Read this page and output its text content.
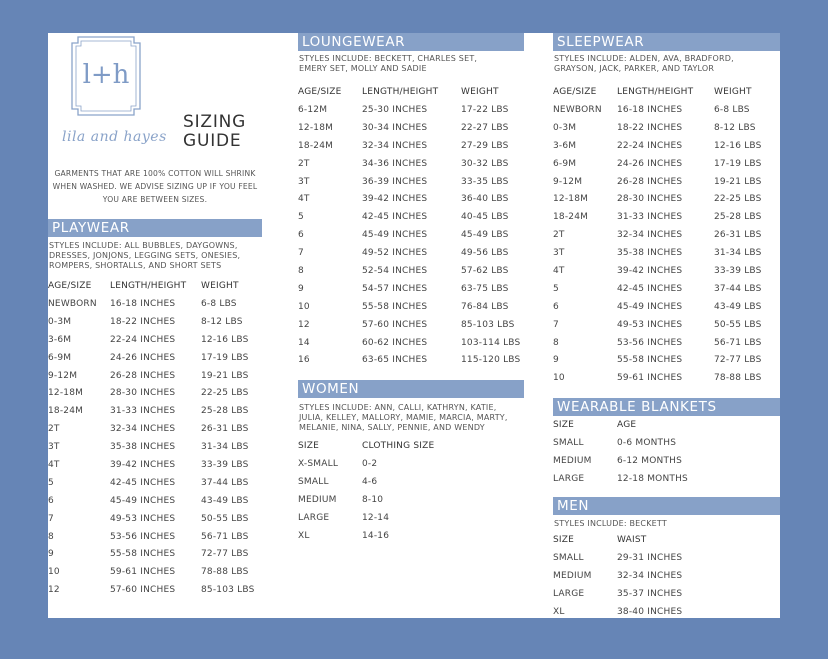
l+h
lila and hayes
SIZING
GUIDE
GARMENTS THAT ARE 100% COTTON WILL SHRINK WHEN WASHED. WE ADVISE SIZING UP IF YOU FEEL YOU ARE BETWEEN SIZES.
PLAYWEAR
STYLES INCLUDE: ALL BUBBLES, DAYGOWNS, DRESSES, JONJONS, LEGGING SETS, ONESIES, ROMPERS, SHORTALLS, AND SHORT SETS
AGE/SIZE	LENGTH/HEIGHT	WEIGHT
NEWBORN	16-18 INCHES	6-8 LBS
0-3M	18-22 INCHES	8-12 LBS
3-6M	22-24 INCHES	12-16 LBS
6-9M	24-26 INCHES	17-19 LBS
9-12M	26-28 INCHES	19-21 LBS
12-18M	28-30 INCHES	22-25 LBS
18-24M	31-33 INCHES	25-28 LBS
2T	32-34 INCHES	26-31 LBS
3T	35-38 INCHES	31-34 LBS
4T	39-42 INCHES	33-39 LBS
5	42-45 INCHES	37-44 LBS
6	45-49 INCHES	43-49 LBS
7	49-53 INCHES	50-55 LBS
8	53-56 INCHES	56-71 LBS
9	55-58 INCHES	72-77 LBS
10	59-61 INCHES	78-88 LBS
12	57-60 INCHES	85-103 LBS
LOUNGEWEAR
STYLES INCLUDE: BECKETT, CHARLES SET, EMERY SET, MOLLY AND SADIE
AGE/SIZE	LENGTH/HEIGHT	WEIGHT
6-12M	25-30 INCHES	17-22 LBS
12-18M	30-34 INCHES	22-27 LBS
18-24M	32-34 INCHES	27-29 LBS
2T	34-36 INCHES	30-32 LBS
3T	36-39 INCHES	33-35 LBS
4T	39-42 INCHES	36-40 LBS
5	42-45 INCHES	40-45 LBS
6	45-49 INCHES	45-49 LBS
7	49-52 INCHES	49-56 LBS
8	52-54 INCHES	57-62 LBS
9	54-57 INCHES	63-75 LBS
10	55-58 INCHES	76-84 LBS
12	57-60 INCHES	85-103 LBS
14	60-62 INCHES	103-114 LBS
16	63-65 INCHES	115-120 LBS
WOMEN
STYLES INCLUDE: ANN, CALLI, KATHRYN, KATIE, JULIA, KELLEY, MALLORY, MAMIE, MARCIA, MARTY, MELANIE, NINA, SALLY, PENNIE, AND WENDY
SIZE	CLOTHING SIZE
X-SMALL	0-2
SMALL	4-6
MEDIUM	8-10
LARGE	12-14
XL	14-16
SLEEPWEAR
STYLES INCLUDE: ALDEN, AVA, BRADFORD, GRAYSON, JACK, PARKER, AND TAYLOR
AGE/SIZE	LENGTH/HEIGHT	WEIGHT
NEWBORN	16-18 INCHES	6-8 LBS
0-3M	18-22 INCHES	8-12 LBS
3-6M	22-24 INCHES	12-16 LBS
6-9M	24-26 INCHES	17-19 LBS
9-12M	26-28 INCHES	19-21 LBS
12-18M	28-30 INCHES	22-25 LBS
18-24M	31-33 INCHES	25-28 LBS
2T	32-34 INCHES	26-31 LBS
3T	35-38 INCHES	31-34 LBS
4T	39-42 INCHES	33-39 LBS
5	42-45 INCHES	37-44 LBS
6	45-49 INCHES	43-49 LBS
7	49-53 INCHES	50-55 LBS
8	53-56 INCHES	56-71 LBS
9	55-58 INCHES	72-77 LBS
10	59-61 INCHES	78-88 LBS
WEARABLE BLANKETS
SIZE	AGE
SMALL	0-6 MONTHS
MEDIUM	6-12 MONTHS
LARGE	12-18 MONTHS
MEN
STYLES INCLUDE: BECKETT
SIZE	WAIST
SMALL	29-31 INCHES
MEDIUM	32-34 INCHES
LARGE	35-37 INCHES
XL	38-40 INCHES
